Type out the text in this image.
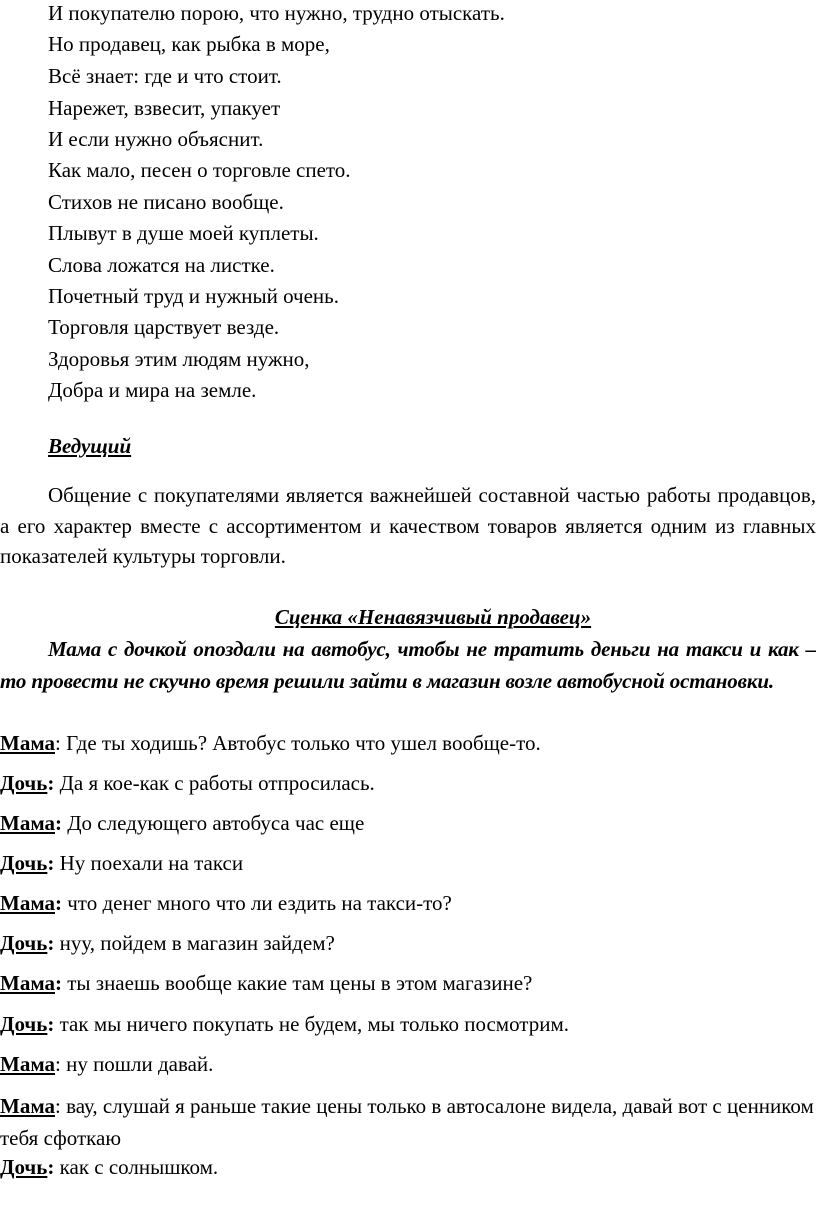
И покупателю порою, что нужно, трудно отыскать.
Но продавец, как рыбка в море,
Всё знает: где и что стоит.
Нарежет, взвесит, упакует
И если нужно объяснит.
Как мало, песен о торговле спето.
Стихов не писано вообще.
Плывут в душе моей куплеты.
Слова ложатся на листке.
Почетный труд и нужный очень.
Торговля царствует везде.
Здоровья этим людям нужно,
Добра и мира на земле.
Ведущий

Общение с покупателями является важнейшей составной частью работы продавцов, а его характер вместе с ассортиментом и качеством товаров является одним из главных показателей культуры торговли.

Сценка «Ненавязчивый продавец»

Мама с дочкой опоздали на автобус, чтобы не тратить деньги на такси и как – то провести не скучно время решили зайти в магазин возле автобусной остановки.

Мама: Где ты ходишь? Автобус только что ушел вообще-то.

Дочь: Да я кое-как с работы отпросилась.

Мама: До следующего автобуса час еще

Дочь: Ну поехали на такси

Мама: что денег много что ли ездить на такси-то?

Дочь: нуу, пойдем в магазин зайдем?

Мама: ты знаешь вообще какие там цены в этом магазине?

Дочь: так мы ничего покупать не будем, мы только посмотрим.

Мама: ну пошли давай.

Мама: вау, слушай я раньше такие цены только в автосалоне видела, давай вот с ценником тебя сфоткаю

Дочь: как с солнышком.
